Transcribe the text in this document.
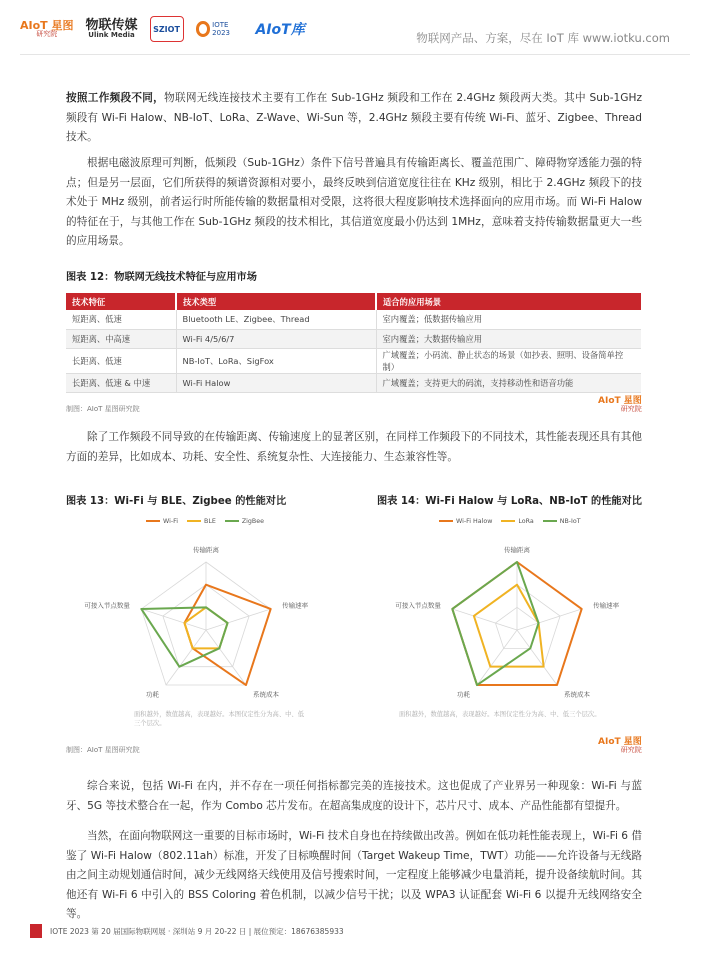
AIoT 星图
研究院
物联传媒
Ulink Media
SZIOT	IOTE 2023	AIoT库	物联网产品、方案，尽在 IoT 库 www.iotku.com
按照工作频段不同，物联网无线连接技术主要有工作在 Sub-1GHz 频段和工作在 2.4GHz 频段两大类。其中 Sub-1GHz 频段有 Wi-Fi Halow、NB-IoT、LoRa、Z-Wave、Wi-Sun 等，2.4GHz 频段主要有传统 Wi-Fi、蓝牙、Zigbee、Thread 技术。
根据电磁波原理可判断，低频段（Sub-1GHz）条件下信号普遍具有传输距离长、覆盖范围广、障碍物穿透能力强的特点；但是另一层面，它们所获得的频谱资源相对要小，最终反映到信道宽度往往在 KHz 级别，相比于 2.4GHz 频段下的技术处于 MHz 级别，前者运行时所能传输的数据量相对受限，这将很大程度影响技术选择面向的应用市场。而 Wi-Fi Halow 的特征在于，与其他工作在 Sub-1GHz 频段的技术相比，其信道宽度最小仍达到 1MHz，意味着支持传输数据量更大一些的应用场景。
图表 12：物联网无线技术特征与应用市场
技术特征	技术类型	适合的应用场景
短距离、低速	Bluetooth LE、Zigbee、Thread	室内覆盖；低数据传输应用
短距离、中高速	Wi-Fi 4/5/6/7	室内覆盖；大数据传输应用
长距离、低速	NB-IoT、LoRa、SigFox	广域覆盖；小码流、静止状态的场景（如抄表、照明、设备简单控制）
长距离、低速 & 中速	Wi-Fi Halow	广域覆盖；支持更大的码流，支持移动性和语音功能
制图：AIoT 星图研究院
AIoT 星图
研究院
除了工作频段不同导致的在传输距离、传输速度上的显著区别，在同样工作频段下的不同技术，其性能表现还具有其他方面的差异，比如成本、功耗、安全性、系统复杂性、大连接能力、生态兼容性等。
图表 13：Wi-Fi 与 BLE、Zigbee 的性能对比	图表 14：Wi-Fi Halow 与 LoRa、NB-IoT 的性能对比
Wi-Fi	BLE	ZigBee
传输距离
传输速率
系统成本
功耗
可接入节点数量
面积越外，数值越高，表现越好。本图仅定性分为高、中、低三个层次。
Wi-Fi Halow	LoRa	NB-IoT
传输距离
传输速率
系统成本
功耗
可接入节点数量
面积越外，数值越高，表现越好。本图仅定性分为高、中、低三个层次。
制图：AIoT 星图研究院
AIoT 星图
研究院
综合来说，包括 Wi-Fi 在内，并不存在一项任何指标都完美的连接技术。这也促成了产业界另一种现象：Wi-Fi 与蓝牙、5G 等技术整合在一起，作为 Combo 芯片发布。在超高集成度的设计下，芯片尺寸、成本、产品性能都有望提升。
当然，在面向物联网这一重要的目标市场时，Wi-Fi 技术自身也在持续做出改善。例如在低功耗性能表现上，Wi-Fi 6 借鉴了 Wi-Fi Halow（802.11ah）标准，开发了目标唤醒时间（Target Wakeup Time，TWT）功能——允许设备与无线路由之间主动规划通信时间，减少无线网络天线使用及信号搜索时间，一定程度上能够减少电量消耗，提升设备续航时间。其他还有 Wi-Fi 6 中引入的 BSS Coloring 着色机制，以减少信号干扰；以及 WPA3 认证配套 Wi-Fi 6 以提升无线网络安全等。
IOTE 2023 第 20 届国际物联网展 · 深圳站 9 月 20-22 日 | 展位预定：18676385933
